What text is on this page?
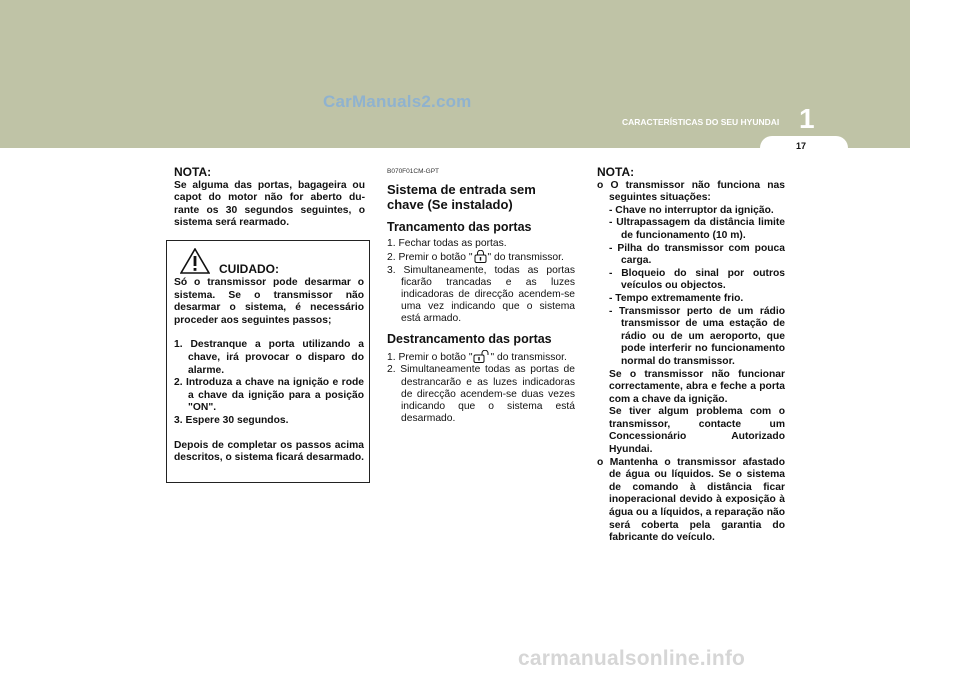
CarManuals2.com
CARACTERÍSTICAS DO SEU HYUNDAI 1
17
NOTA:

Se alguma das portas, bagageira ou capot do motor não for aberto du-rante os 30 segundos seguintes, o sistema será rearmado.

CUIDADO:

Só o transmissor pode desarmar o sistema. Se o transmissor não desarmar o sistema, é necessário proceder aos seguintes passos;

1. Destranque a porta utilizando a chave, irá provocar o disparo do alarme.

2. Introduza a chave na ignição e rode a chave da ignição para a posição "ON".

3. Espere 30 segundos.

Depois de completar os passos acima descritos, o sistema ficará desarmado.

B070F01CM-GPT
Sistema de entrada sem chave (Se instalado)
Trancamento das portas

1. Fechar todas as portas.

2. Premir o botão " " do transmissor.

3. Simultaneamente, todas as portas ficarão trancadas e as luzes indicadoras de direcção acendem-se uma vez indicando que o sistema está armado.

Destrancamento das portas

1. Premir o botão " " do transmissor.

2. Simultaneamente todas as portas de destrancarão e as luzes indicadoras de direcção acendem-se duas vezes indicando que o sistema está desarmado.

NOTA:

o O transmissor não funciona nas seguintes situações:

- Chave no interruptor da ignição.

- Ultrapassagem da distância limite de funcionamento (10 m).

- Pilha do transmissor com pouca carga.

- Bloqueio do sinal por outros veículos ou objectos.

- Tempo extremamente frio.

- Transmissor perto de um rádio transmissor de uma estação de rádio ou de um aeroporto, que pode interferir no funcionamento normal do transmissor.

Se o transmissor não funcionar correctamente, abra e feche a porta com a chave da ignição.

Se tiver algum problema com o transmissor, contacte um Concessionário Autorizado Hyundai.

o Mantenha o transmissor afastado de água ou líquidos. Se o sistema de comando à distância ficar inoperacional devido à exposição à água ou a líquidos, a reparação não será coberta pela garantia do fabricante do veículo.

carmanualsonline.info
